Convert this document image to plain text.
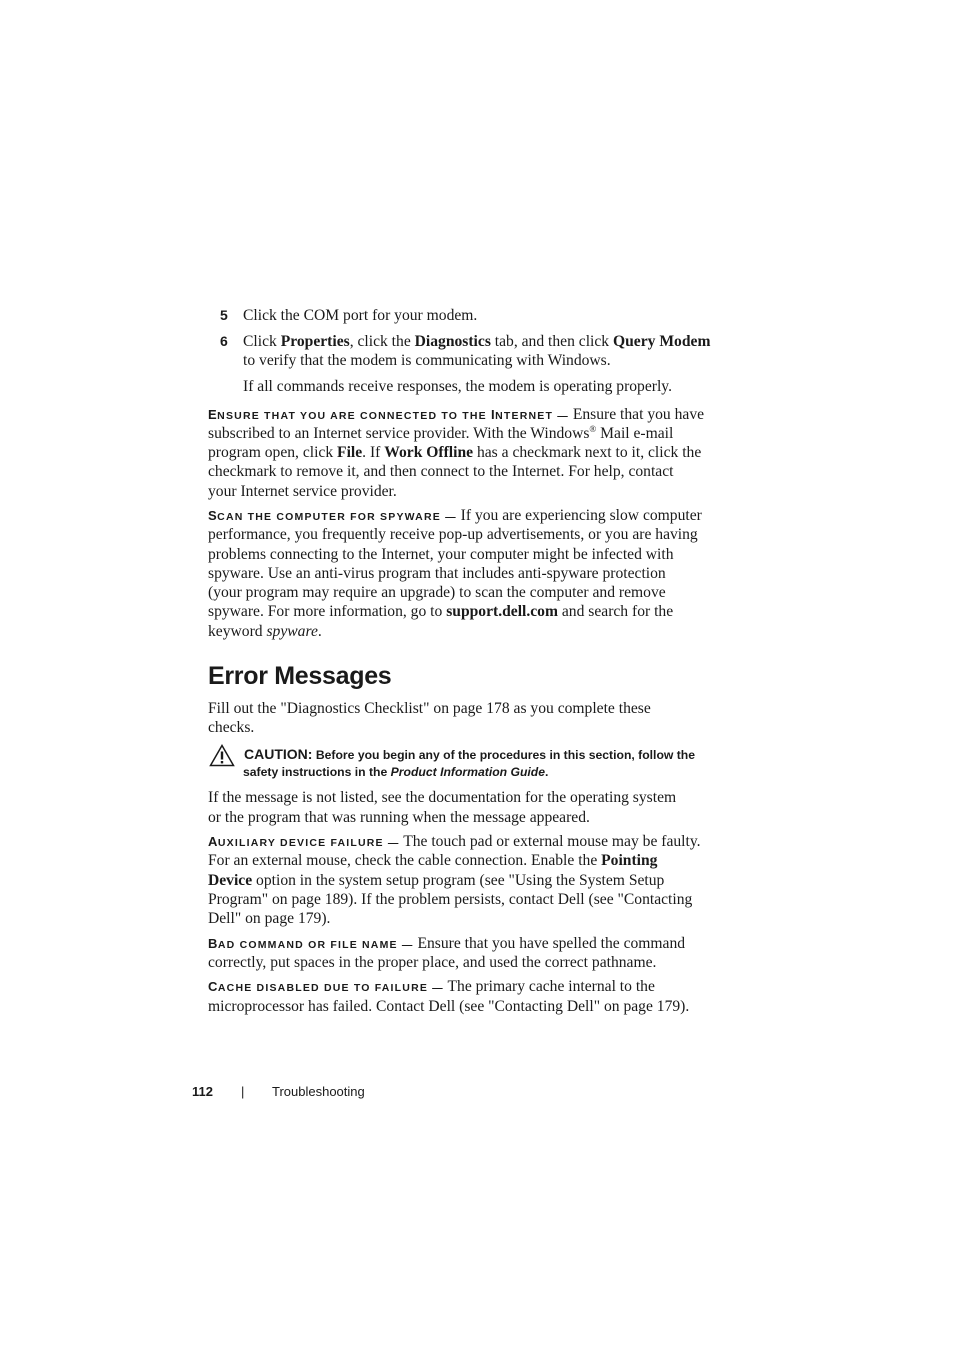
5 Click the COM port for your modem.
6 Click Properties, click the Diagnostics tab, and then click Query Modem
to verify that the modem is communicating with Windows.
If all commands receive responses, the modem is operating properly.
ENSURE THAT YOU ARE CONNECTED TO THE INTERNET — Ensure that you have
subscribed to an Internet service provider. With the Windows® Mail e-mail
program open, click File. If Work Offline has a checkmark next to it, click the
checkmark to remove it, and then connect to the Internet. For help, contact
your Internet service provider.
SCAN THE COMPUTER FOR SPYWARE — If you are experiencing slow computer
performance, you frequently receive pop-up advertisements, or you are having
problems connecting to the Internet, your computer might be infected with
spyware. Use an anti-virus program that includes anti-spyware protection
(your program may require an upgrade) to scan the computer and remove
spyware. For more information, go to support.dell.com and search for the
keyword spyware.
Error Messages
Fill out the "Diagnostics Checklist" on page 178 as you complete these
checks.
CAUTION: Before you begin any of the procedures in this section, follow the
safety instructions in the Product Information Guide.
If the message is not listed, see the documentation for the operating system
or the program that was running when the message appeared.
AUXILIARY DEVICE FAILURE — The touch pad or external mouse may be faulty.
For an external mouse, check the cable connection. Enable the Pointing
Device option in the system setup program (see "Using the System Setup
Program" on page 189). If the problem persists, contact Dell (see "Contacting
Dell" on page 179).
BAD COMMAND OR FILE NAME — Ensure that you have spelled the command
correctly, put spaces in the proper place, and used the correct pathname.
CACHE DISABLED DUE TO FAILURE — The primary cache internal to the
microprocessor has failed. Contact Dell (see "Contacting Dell" on page 179).
112 | Troubleshooting
